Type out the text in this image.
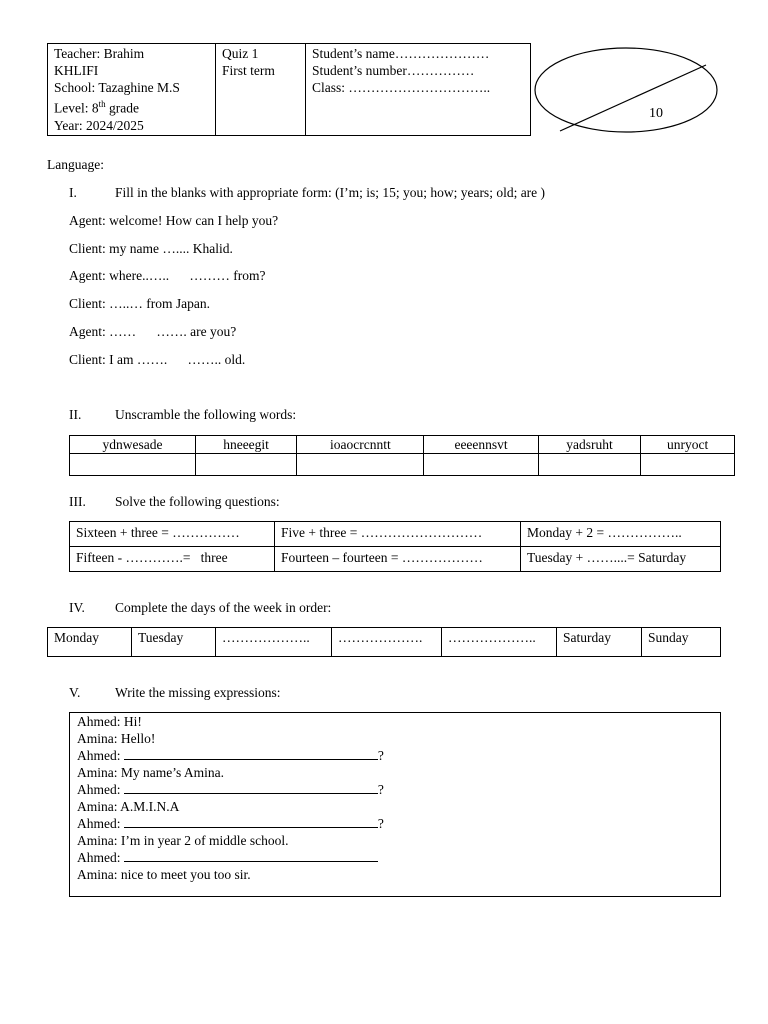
Teacher: Brahim
KHLIFI
School: Tazaghine M.S
Level: 8th grade
Year: 2024/2025

Quiz 1
First term

Student’s name…………………
Student’s number……………
Class: …………………………..
10
Language:
I.	Fill in the blanks with appropriate form: (I’m; is; 15; you; how; years; old; are )
Agent: welcome! How can I help you?
Client: my name ….... Khalid.
Agent: where..…..      ……… from?
Client: …..… from Japan.
Agent: ……      ……. are you?
Client: I am …….      …….. old.
II. Unscramble the following words:
ydnwesade	hneeegit	ioaocrcnntt	eeeennsvt	yadsruht	unryoct

III. Solve the following questions:
Sixteen + three = ……………	Five + three = ………………………	Monday + 2 = ……………..
Fifteen - ………….=   three	Fourteen – fourteen = ………………	Tuesday + ……....= Saturday
IV. Complete the days of the week in order:
Monday	Tuesday	………………..	……………….	………………..	Saturday	Sunday
V.	Write the missing expressions:
Ahmed: Hi!
Amina: Hello!
Ahmed:	?
Amina: My name’s Amina.
Ahmed:	?
Amina: A.M.I.N.A
Ahmed:	?
Amina: I’m in year 2 of middle school.
Ahmed:
Amina: nice to meet you too sir.
